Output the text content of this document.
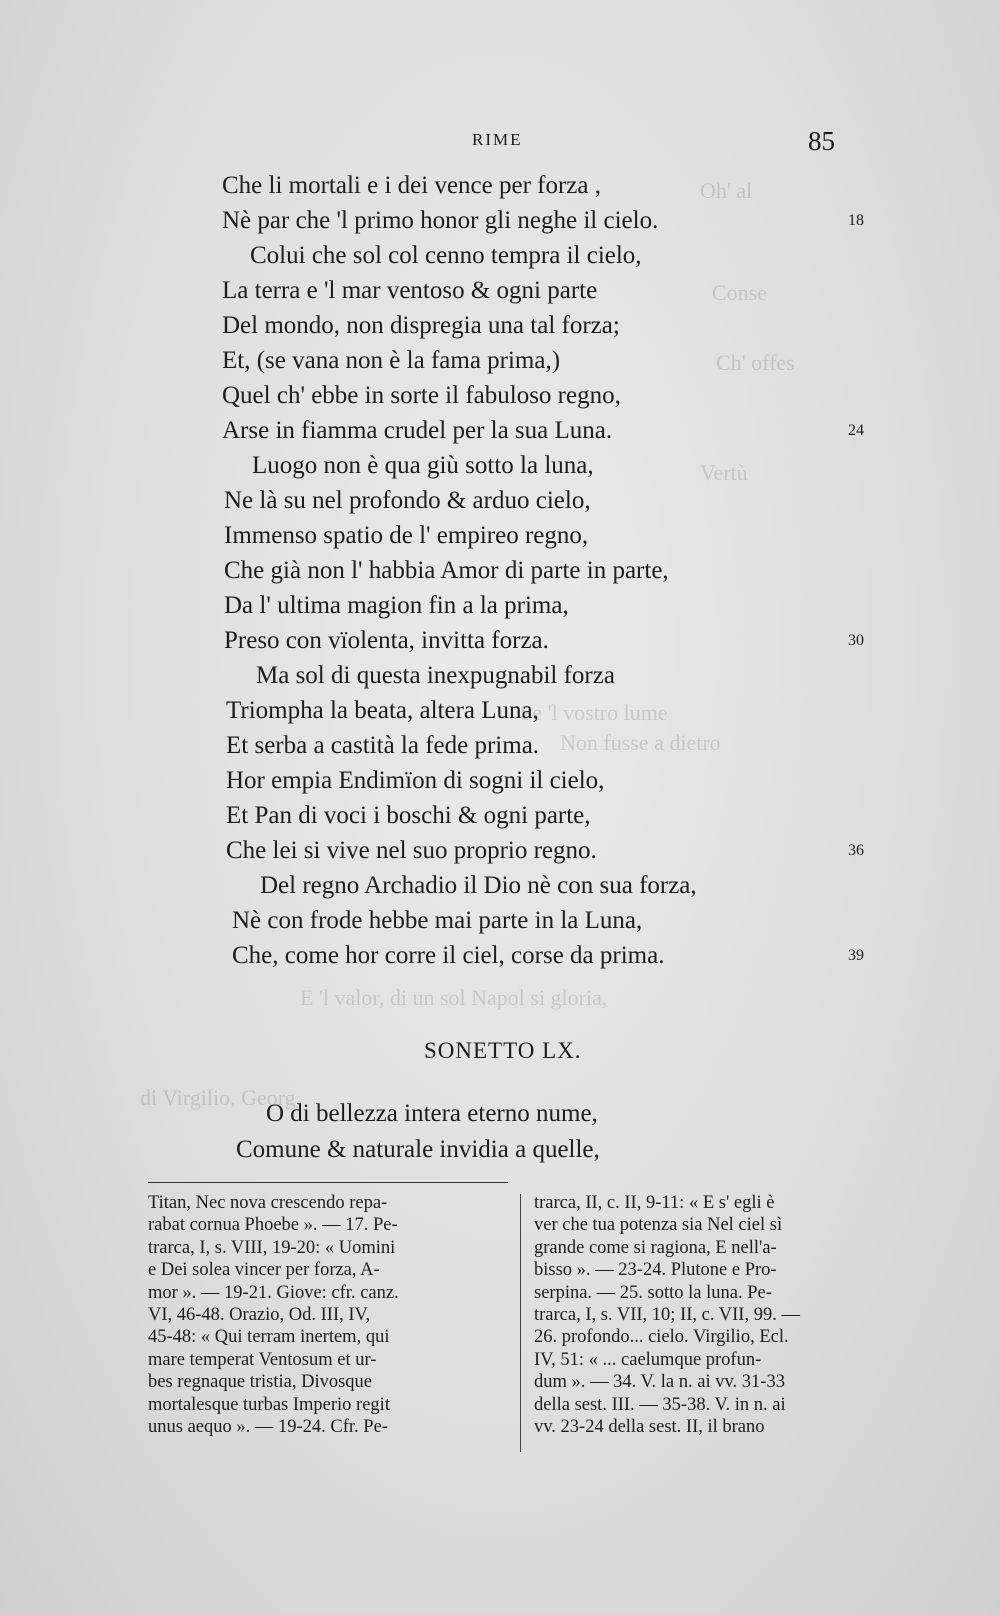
Oh' al
Conse
Ch' offes
Vertù
Se 'l vostro lume
Non fusse a dietro
E 'l valor, di un sol Napol si gloria,
di Virgilio, Georg.
RIME	85
Che li mortali e i dei vence per forza ,
Nè par che 'l primo honor gli neghe il cielo.	18
Colui che sol col cenno tempra il cielo,
La terra e 'l mar ventoso & ogni parte
Del mondo, non dispregia una tal forza;
Et, (se vana non è la fama prima,)
Quel ch' ebbe in sorte il fabuloso regno,
Arse in fiamma crudel per la sua Luna.	24
Luogo non è qua giù sotto la luna,
Ne là su nel profondo & arduo cielo,
Immenso spatio de l' empireo regno,
Che già non l' habbia Amor di parte in parte,
Da l' ultima magion fin a la prima,
Preso con vïolenta, invitta forza.	30
Ma sol di questa inexpugnabil forza
Triompha la beata, altera Luna,
Et serba a castità la fede prima.
Hor empia Endimïon di sogni il cielo,
Et Pan di voci i boschi & ogni parte,
Che lei si vive nel suo proprio regno.	36
Del regno Archadio il Dio nè con sua forza,
Nè con frode hebbe mai parte in la Luna,
Che, come hor corre il ciel, corse da prima.	39
SONETTO LX.
O di bellezza intera eterno nume,
Comune & naturale invidia a quelle,
Titan, Nec nova crescendo repa-
rabat cornua Phoebe ». — 17. Pe-
trarca, I, s. VIII, 19-20: « Uomini
e Dei solea vincer per forza, A-
mor ». — 19-21. Giove: cfr. canz.
VI, 46-48. Orazio, Od. III, IV,
45-48: « Qui terram inertem, qui
mare temperat Ventosum et ur-
bes regnaque tristia, Divosque
mortalesque turbas Imperio regit
unus aequo ». — 19-24. Cfr. Pe-
trarca, II, c. II, 9-11: « E s' egli è
ver che tua potenza sia Nel ciel sì
grande come si ragiona, E nell'a-
bisso ». — 23-24. Plutone e Pro-
serpina. — 25. sotto la luna. Pe-
trarca, I, s. VII, 10; II, c. VII, 99. —
26. profondo... cielo. Virgilio, Ecl.
IV, 51: « ... caelumque profun-
dum ». — 34. V. la n. ai vv. 31-33
della sest. III. — 35-38. V. in n. ai
vv. 23-24 della sest. II, il brano
